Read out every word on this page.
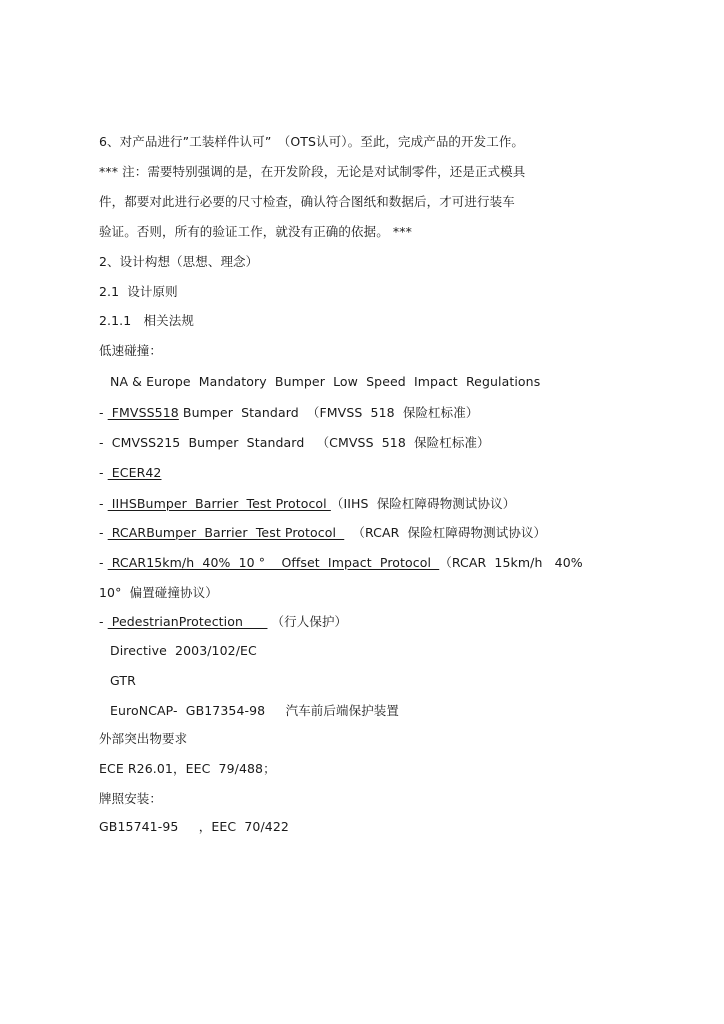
6、对产品进行”工装样件认可”　（OTS认可）。至此，完成产品的开发工作。
*** 注：需要特别强调的是，在开发阶段，无论是对试制零件，还是正式模具
件，都要对此进行必要的尺寸检查，确认符合图纸和数据后，才可进行装车
验证。否则，所有的验证工作，就没有正确的依据。 ***
2、设计构想（思想、理念）
2.1  设计原则
2.1.1   相关法规
低速碰撞：
NA & Europe  Mandatory  Bumper  Low  Speed  Impact  Regulations
-  FMVSS518 Bumper  Standard  （FMVSS  518  保险杠标准）
-  CMVSS215  Bumper  Standard   （CMVSS  518  保险杠标准）
-  ECER42
-  IIHSBumper  Barrier  Test Protocol （IIHS  保险杠障碍物测试协议）
-  RCARBumper  Barrier  Test Protocol    （RCAR  保险杠障碍物测试协议）
-  RCAR15km/h  40%  10 °    Offset  Impact  Protocol  （RCAR  15km/h   40%
10°  偏置碰撞协议）
-  PedestrianProtection       （行人保护）
Directive  2003/102/EC
GTR
EuroNCAP-  GB17354-98     汽车前后端保护装置
外部突出物要求
ECE R26.01，EEC  79/488；
牌照安装：
GB15741-95     ，EEC  70/422
